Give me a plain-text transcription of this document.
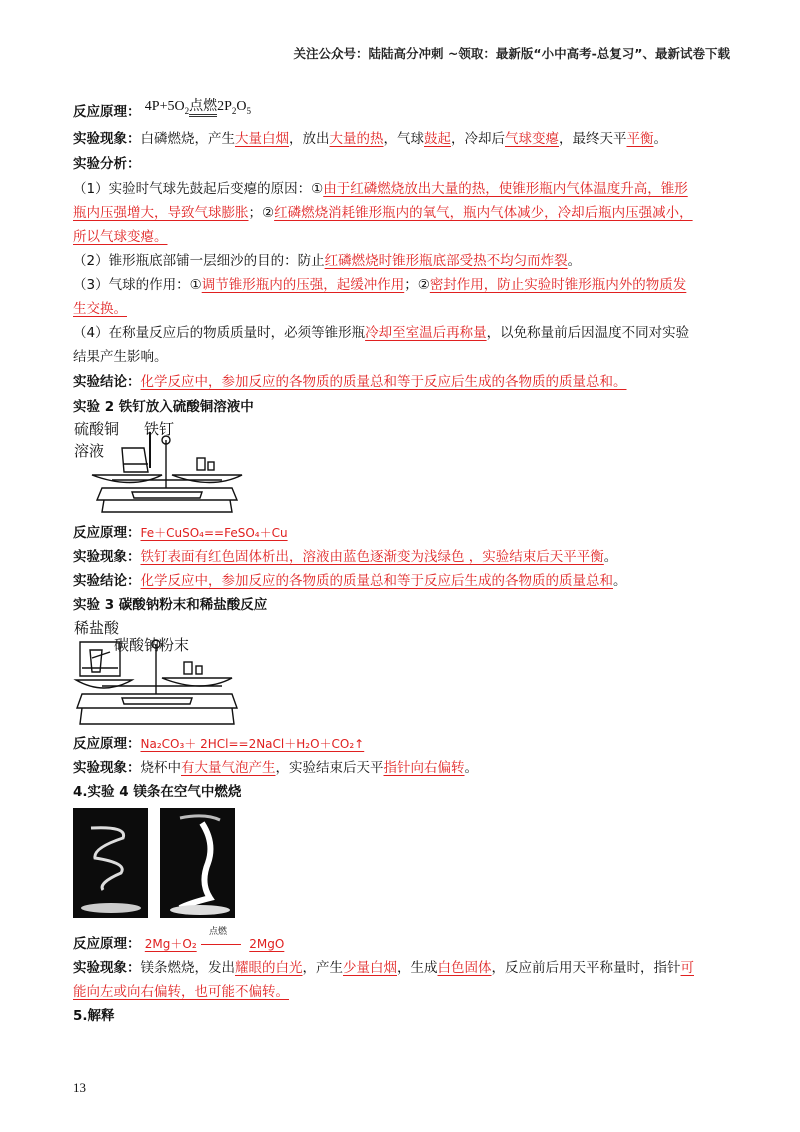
关注公众号：陆陆高分冲刺 ~领取：最新版“小中高考-总复习”、最新试卷下载
反应原理： $4P+5O_2$点燃$2P_2O_5$
实验现象：白磷燃烧，产生大量白烟，放出大量的热，气球鼓起，冷却后气球变瘪，最终天平平衡。
实验分析：
（1）实验时气球先鼓起后变瘪的原因：①由于红磷燃烧放出大量的热，使锥形瓶内气体温度升高，锥形
瓶内压强增大，导致气球膨胀；②红磷燃烧消耗锥形瓶内的氧气，瓶内气体减少，冷却后瓶内压强减小，
所以气球变瘪。
（2）锥形瓶底部铺一层细沙的目的：防止红磷燃烧时锥形瓶底部受热不均匀而炸裂。
（3）气球的作用：①调节锥形瓶内的压强，起缓冲作用；②密封作用，防止实验时锥形瓶内外的物质发
生交换。
（4）在称量反应后的物质质量时，必须等锥形瓶冷却至室温后再称量，以免称量前后因温度不同对实验
结果产生影响。
实验结论：化学反应中，参加反应的各物质的质量总和等于反应后生成的各物质的质量总和。
实验 2 铁钉放入硫酸铜溶液中
硫酸铜 铁钉
溶液
反应原理：Fe＋CuSO₄==FeSO₄＋Cu
实验现象：铁钉表面有红色固体析出，溶液由蓝色逐渐变为浅绿色 ，实验结束后天平平衡。
实验结论：化学反应中，参加反应的各物质的质量总和等于反应后生成的各物质的质量总和。
实验 3 碳酸钠粉末和稀盐酸反应
稀盐酸
碳酸钠粉末
反应原理：Na₂CO₃＋ 2HCl==2NaCl＋H₂O＋CO₂↑
实验现象：烧杯中有大量气泡产生，实验结束后天平指针向右偏转。
4.实验 4 镁条在空气中燃烧
反应原理： 2Mg＋O₂
点燃
2MgO
实验现象：镁条燃烧，发出耀眼的白光，产生少量白烟，生成白色固体，反应前后用天平称量时，指针可
能向左或向右偏转，也可能不偏转。
5.解释
13
